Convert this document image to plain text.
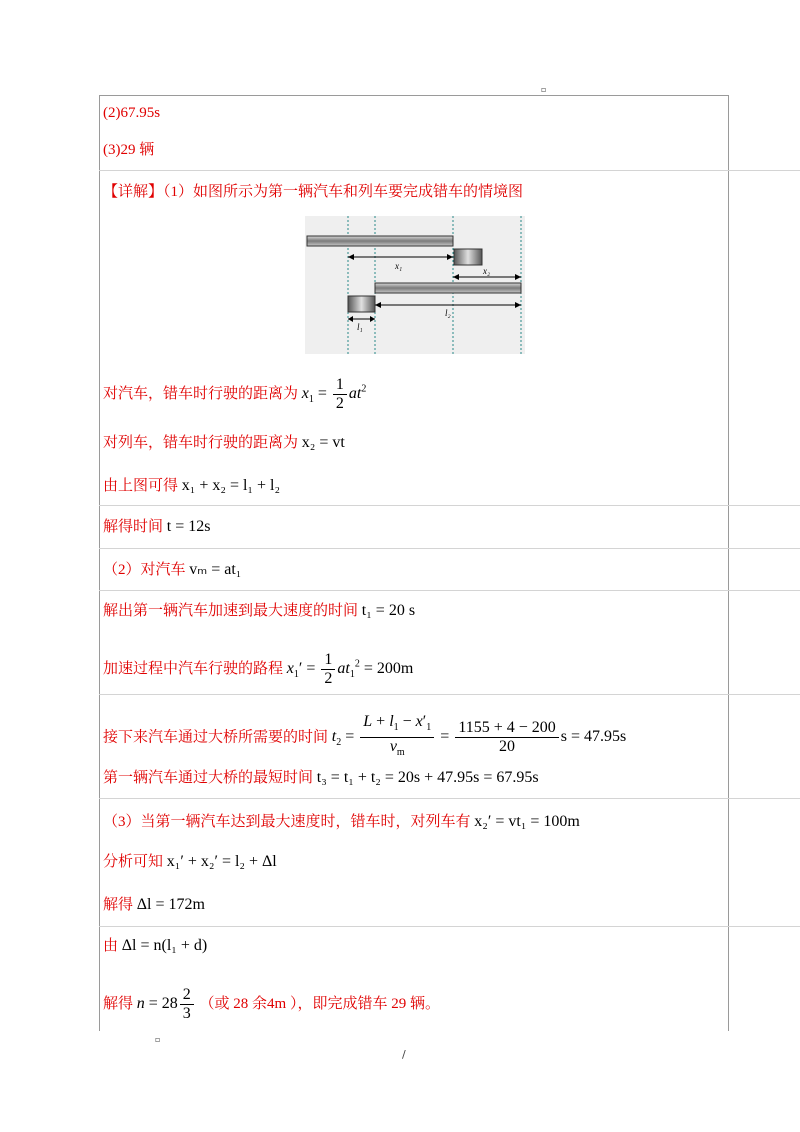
▫
(2)67.95s
(3)29 辆
【详解】（1）如图所示为第一辆汽车和列车要完成错车的情境图
x₁	x₂
l₁
l₂
对汽车，错车时行驶的距离为 $x_1 = \frac{1}{2} at^2$
对列车，错车时行驶的距离为 x₂ = vt
由上图可得 x₁ + x₂ = l₁ + l₂
解得时间 t = 12s
（2）对汽车 vₘ = at₁
解出第一辆汽车加速到最大速度的时间 t₁ = 20 s
加速过程中汽车行驶的路程 $x_1' = \frac{1}{2} at_1^2 = 200m$
接下来汽车通过大桥所需要的时间 $t_2 = \frac{L + l_1 - x'_1}{v_m} = \frac{1155 + 4 - 200}{20}$ s = 47.95s
第一辆汽车通过大桥的最短时间 t₃ = t₁ + t₂ = 20s + 47.95s = 67.95s
（3）当第一辆汽车达到最大速度时，错车时，对列车有 x₂′ = vt₁ = 100m
分析可知 x₁′ + x₂′ = l₂ + Δl
解得 Δl = 172m
由 Δl = n(l₁ + d)
解得 $n = 28 \frac{2}{3}$ （或 28 余4m ），即完成错车 29 辆。
▫
/
